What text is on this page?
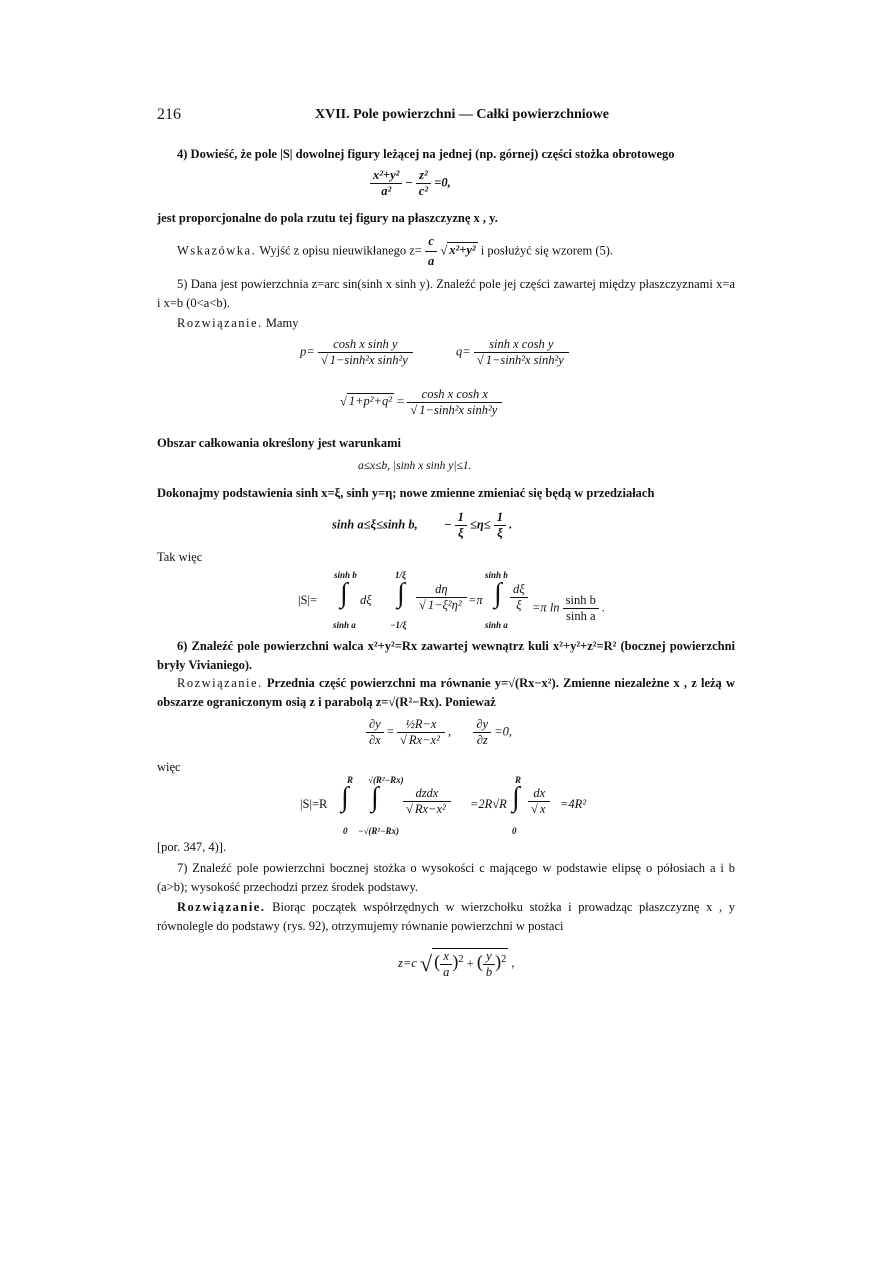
216	XVII. Pole powierzchni — Całki powierzchniowe
4) Dowieść, że pole |S| dowolnej figury leżącej na jednej (np. górnej) części stożka obrotowego
$\frac{\text{x²+y²}}{\text{a²}} - \frac{\text{z²}}{\text{c²}} =0$,
jest proporcjonalne do pola rzutu tej figury na płaszczyznę x , y.
Wskazówka. Wyjść z opisu nieuwikłanego $z= \frac{c}{a}$ √ x²+y² i posłużyć się wzorem (5).
5) Dana jest powierzchnia z=arc sin(sinh x sinh y). Znaleźć pole jej części zawartej między płaszczyznami x=a i x=b (0<a<b).
Rozwiązanie. Mamy
$p= \frac{\text{cosh x sinh y}}{\text{√ 1−sinh²x sinh²y}}$	$q= \frac{\text{sinh x cosh y}}{\text{√ 1−sinh²x sinh²y}}$
√ $1+p^2+q^2 = \frac{\text{cosh x cosh x}}{\text{√ 1−sinh²x sinh²y}}$
Obszar całkowania określony jest warunkami
a≤x≤b, |sinh x sinh y|≤1.
Dokonajmy podstawienia sinh x=ξ, sinh y=η; nowe zmienne zmieniać się będą w przedziałach
sinh a≤ξ≤sinh b, − $\frac{1}{\xi} \le\eta\le \frac{1}{\xi}$ .
Tak więc
|S|=
sinh b
∫
sinh a
dξ
1/ξ
∫
−1/ξ
$\frac{d\eta}{\text{√ 1−ξ²η²}} =\pi$
sinh b
∫
sinh a
$\frac{d\xi}{\xi} =\pi$ $\ln \frac{\text{sinh b}}{\text{sinh a}}$ .
6) Znaleźć pole powierzchni walca x²+y²=Rx zawartej wewnątrz kuli x²+y²+z²=R² (bocznej powierzchni bryły Vivianiego).
Rozwiązanie. Przednia część powierzchni ma równanie y=√(Rx−x²). Zmienne niezależne x , z leżą w obszarze ograniczonym osią z i parabolą z=√(R²−Rx). Ponieważ
$\frac{\partial y}{\partial x} = \frac{\text{½R−x}}{\text{√ Rx−x²}}$ , $\frac{\partial y}{\partial z} =0$,
więc
|S|=R
R
∫
0
√(R²−Rx)
∫
−√(R²−Rx)
$\frac{\text{dzdx}}{\text{√ Rx−x²}} =2R√R$
R
∫
0
$\frac{dx}{√ x} =4R^2$
[por. 347, 4)].
7) Znaleźć pole powierzchni bocznej stożka o wysokości c mającego w podstawie elipsę o półosiach a i b (a>b); wysokość przechodzi przez środek podstawy.
Rozwiązanie. Biorąc początek współrzędnych w wierzchołku stożka i prowadząc płaszczyznę x , y równolegle do podstawy (rys. 92), otrzymujemy równanie powierzchni w postaci
z=c √ ( $\frac{x}{a} )^2$ + ( $\frac{y}{b} )^2$ ,
